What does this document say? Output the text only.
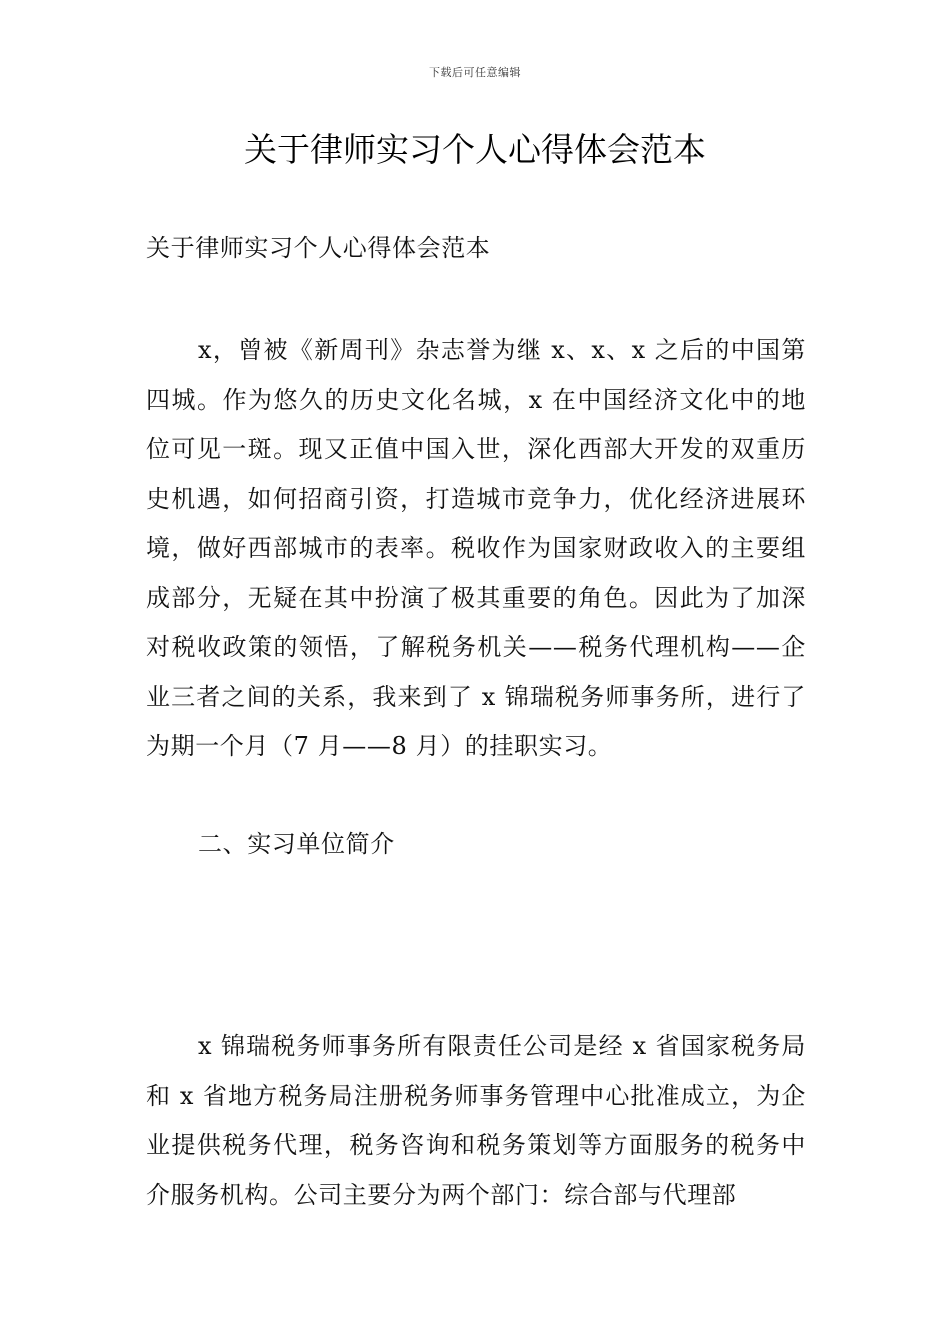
下载后可任意编辑
关于律师实习个人心得体会范本

关于律师实习个人心得体会范本

x，曾被《新周刊》杂志誉为继 x、x、x 之后的中国第四城。作为悠久的历史文化名城，x 在中国经济文化中的地位可见一斑。现又正值中国入世，深化西部大开发的双重历史机遇，如何招商引资，打造城市竞争力，优化经济进展环境，做好西部城市的表率。税收作为国家财政收入的主要组成部分，无疑在其中扮演了极其重要的角色。因此为了加深对税收政策的领悟，了解税务机关——税务代理机构——企业三者之间的关系，我来到了 x 锦瑞税务师事务所，进行了为期一个月（7 月——8 月）的挂职实习。

二、实习单位简介

x 锦瑞税务师事务所有限责任公司是经 x 省国家税务局和 x 省地方税务局注册税务师事务管理中心批准成立，为企业提供税务代理，税务咨询和税务策划等方面服务的税务中介服务机构。公司主要分为两个部门：综合部与代理部
